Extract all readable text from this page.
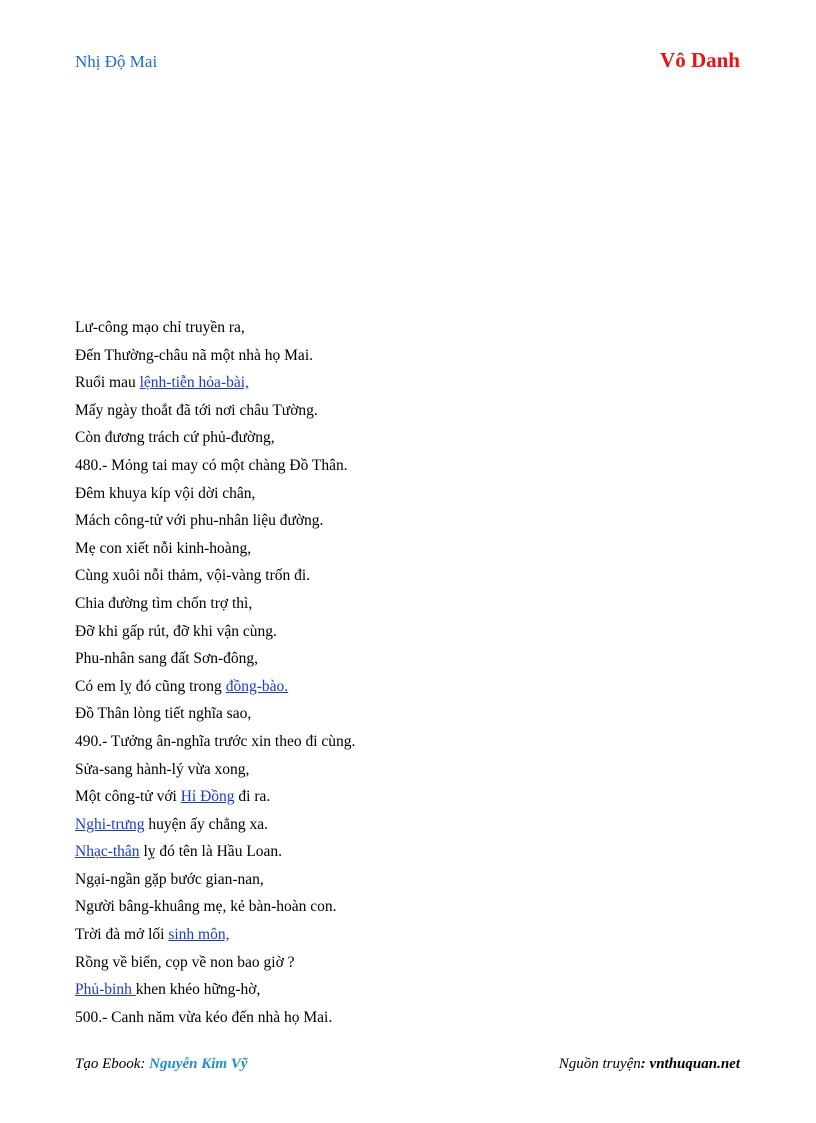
Nhị Độ Mai	Vô Danh
Lư-công mạo chỉ truyền ra,
Đến Thường-châu nã một nhà họ Mai.
Ruổi mau lệnh-tiễn hỏa-bài,
Mấy ngày thoắt đã tới nơi châu Tường.
Còn đương trách cứ phủ-đường,
480.- Mỏng tai may có một chàng Đồ Thân.
Đêm khuya kíp vội dời chân,
Mách công-tử với phu-nhân liệu đường.
Mẹ con xiết nỗi kinh-hoàng,
Cùng xuôi nỗi thảm, vội-vàng trốn đi.
Chia đường tìm chốn trợ thì,
Đỡ khi gấp rút, đỡ khi vận cùng.
Phu-nhân sang đất Sơn-đông,
Có em lỵ đó cũng trong đồng-bào.
Đồ Thân lòng tiết nghĩa sao,
490.- Tưởng ân-nghĩa trước xin theo đi cùng.
Sửa-sang hành-lý vừa xong,
Một công-tử với Hỉ Đồng đi ra.
Nghi-trưng huyện ấy chẳng xa.
Nhạc-thân lỵ đó tên là Hầu Loan.
Ngại-ngần gặp bước gian-nan,
Người bâng-khuâng mẹ, kẻ bàn-hoàn con.
Trời đà mở lối sinh môn,
Rồng về biển, cọp về non bao giờ ?
Phủ-binh khen khéo hững-hờ,
500.- Canh năm vừa kéo đến nhà họ Mai.
Tạo Ebook: Nguyễn Kim Vỹ	Nguồn truyện: vnthuquan.net
